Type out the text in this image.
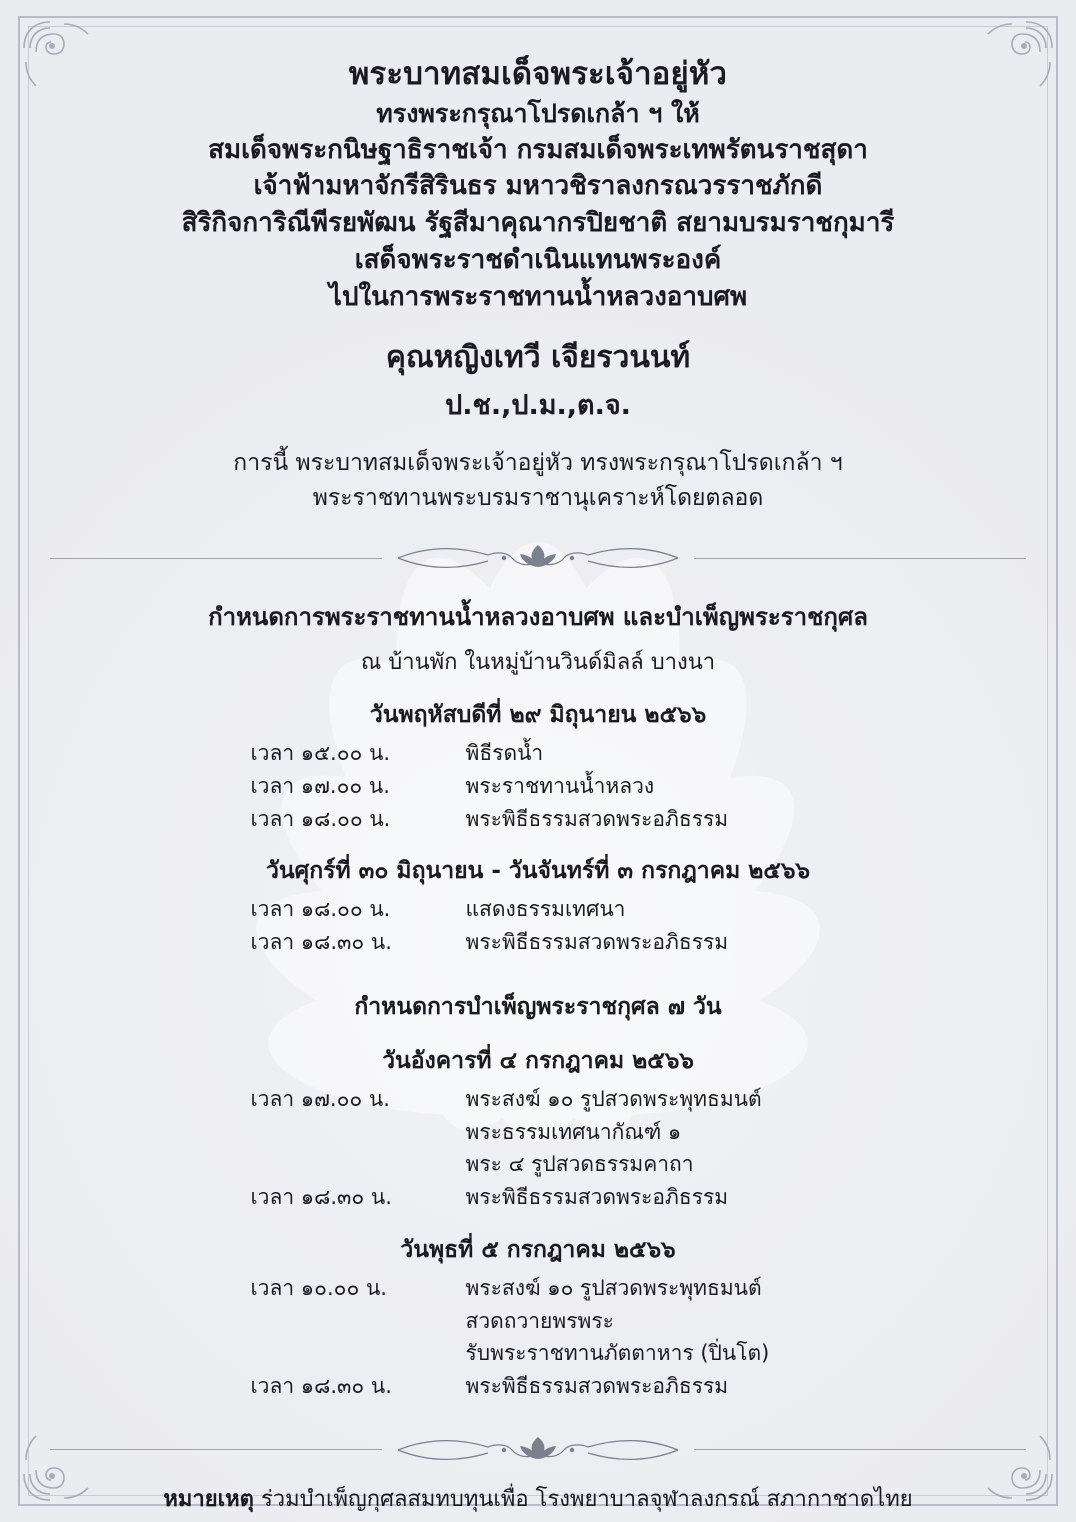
พระบาทสมเด็จพระเจ้าอยู่หัว
ทรงพระกรุณาโปรดเกล้า ฯ ให้
สมเด็จพระกนิษฐาธิราชเจ้า กรมสมเด็จพระเทพรัตนราชสุดา
เจ้าฟ้ามหาจักรีสิรินธร มหาวชิราลงกรณวรราชภักดี
สิริกิจการิณีพีรยพัฒน รัฐสีมาคุณากรปิยชาติ สยามบรมราชกุมารี
เสด็จพระราชดำเนินแทนพระองค์
ไปในการพระราชทานน้ำหลวงอาบศพ
คุณหญิงเทวี เจียรวนนท์
ป.ช.,ป.ม.,ต.จ.
การนี้ พระบาทสมเด็จพระเจ้าอยู่หัว ทรงพระกรุณาโปรดเกล้า ฯ
พระราชทานพระบรมราชานุเคราะห์โดยตลอด
กำหนดการพระราชทานน้ำหลวงอาบศพ และบำเพ็ญพระราชกุศล
ณ บ้านพัก ในหมู่บ้านวินด์มิลล์ บางนา
วันพฤหัสบดีที่ ๒๙ มิถุนายน ๒๕๖๖
เวลา ๑๕.๐๐ น.	พิธีรดน้ำ
เวลา ๑๗.๐๐ น.	พระราชทานน้ำหลวง
เวลา ๑๘.๐๐ น.	พระพิธีธรรมสวดพระอภิธรรม
วันศุกร์ที่ ๓๐ มิถุนายน - วันจันทร์ที่ ๓ กรกฎาคม ๒๕๖๖
เวลา ๑๘.๐๐ น.	แสดงธรรมเทศนา
เวลา ๑๘.๓๐ น.	พระพิธีธรรมสวดพระอภิธรรม
กำหนดการบำเพ็ญพระราชกุศล ๗ วัน
วันอังคารที่ ๔ กรกฎาคม ๒๕๖๖
เวลา ๑๗.๐๐ น.	พระสงฆ์ ๑๐ รูปสวดพระพุทธมนต์
พระธรรมเทศนากัณฑ์ ๑
พระ ๔ รูปสวดธรรมคาถา
เวลา ๑๘.๓๐ น.	พระพิธีธรรมสวดพระอภิธรรม
วันพุธที่ ๕ กรกฎาคม ๒๕๖๖
เวลา ๑๐.๐๐ น.	พระสงฆ์ ๑๐ รูปสวดพระพุทธมนต์
สวดถวายพรพระ
รับพระราชทานภัตตาหาร (ปิ่นโต)
เวลา ๑๘.๓๐ น.	พระพิธีธรรมสวดพระอภิธรรม
หมายเหตุ ร่วมบำเพ็ญกุศลสมทบทุนเพื่อ โรงพยาบาลจุฬาลงกรณ์ สภากาชาดไทย
